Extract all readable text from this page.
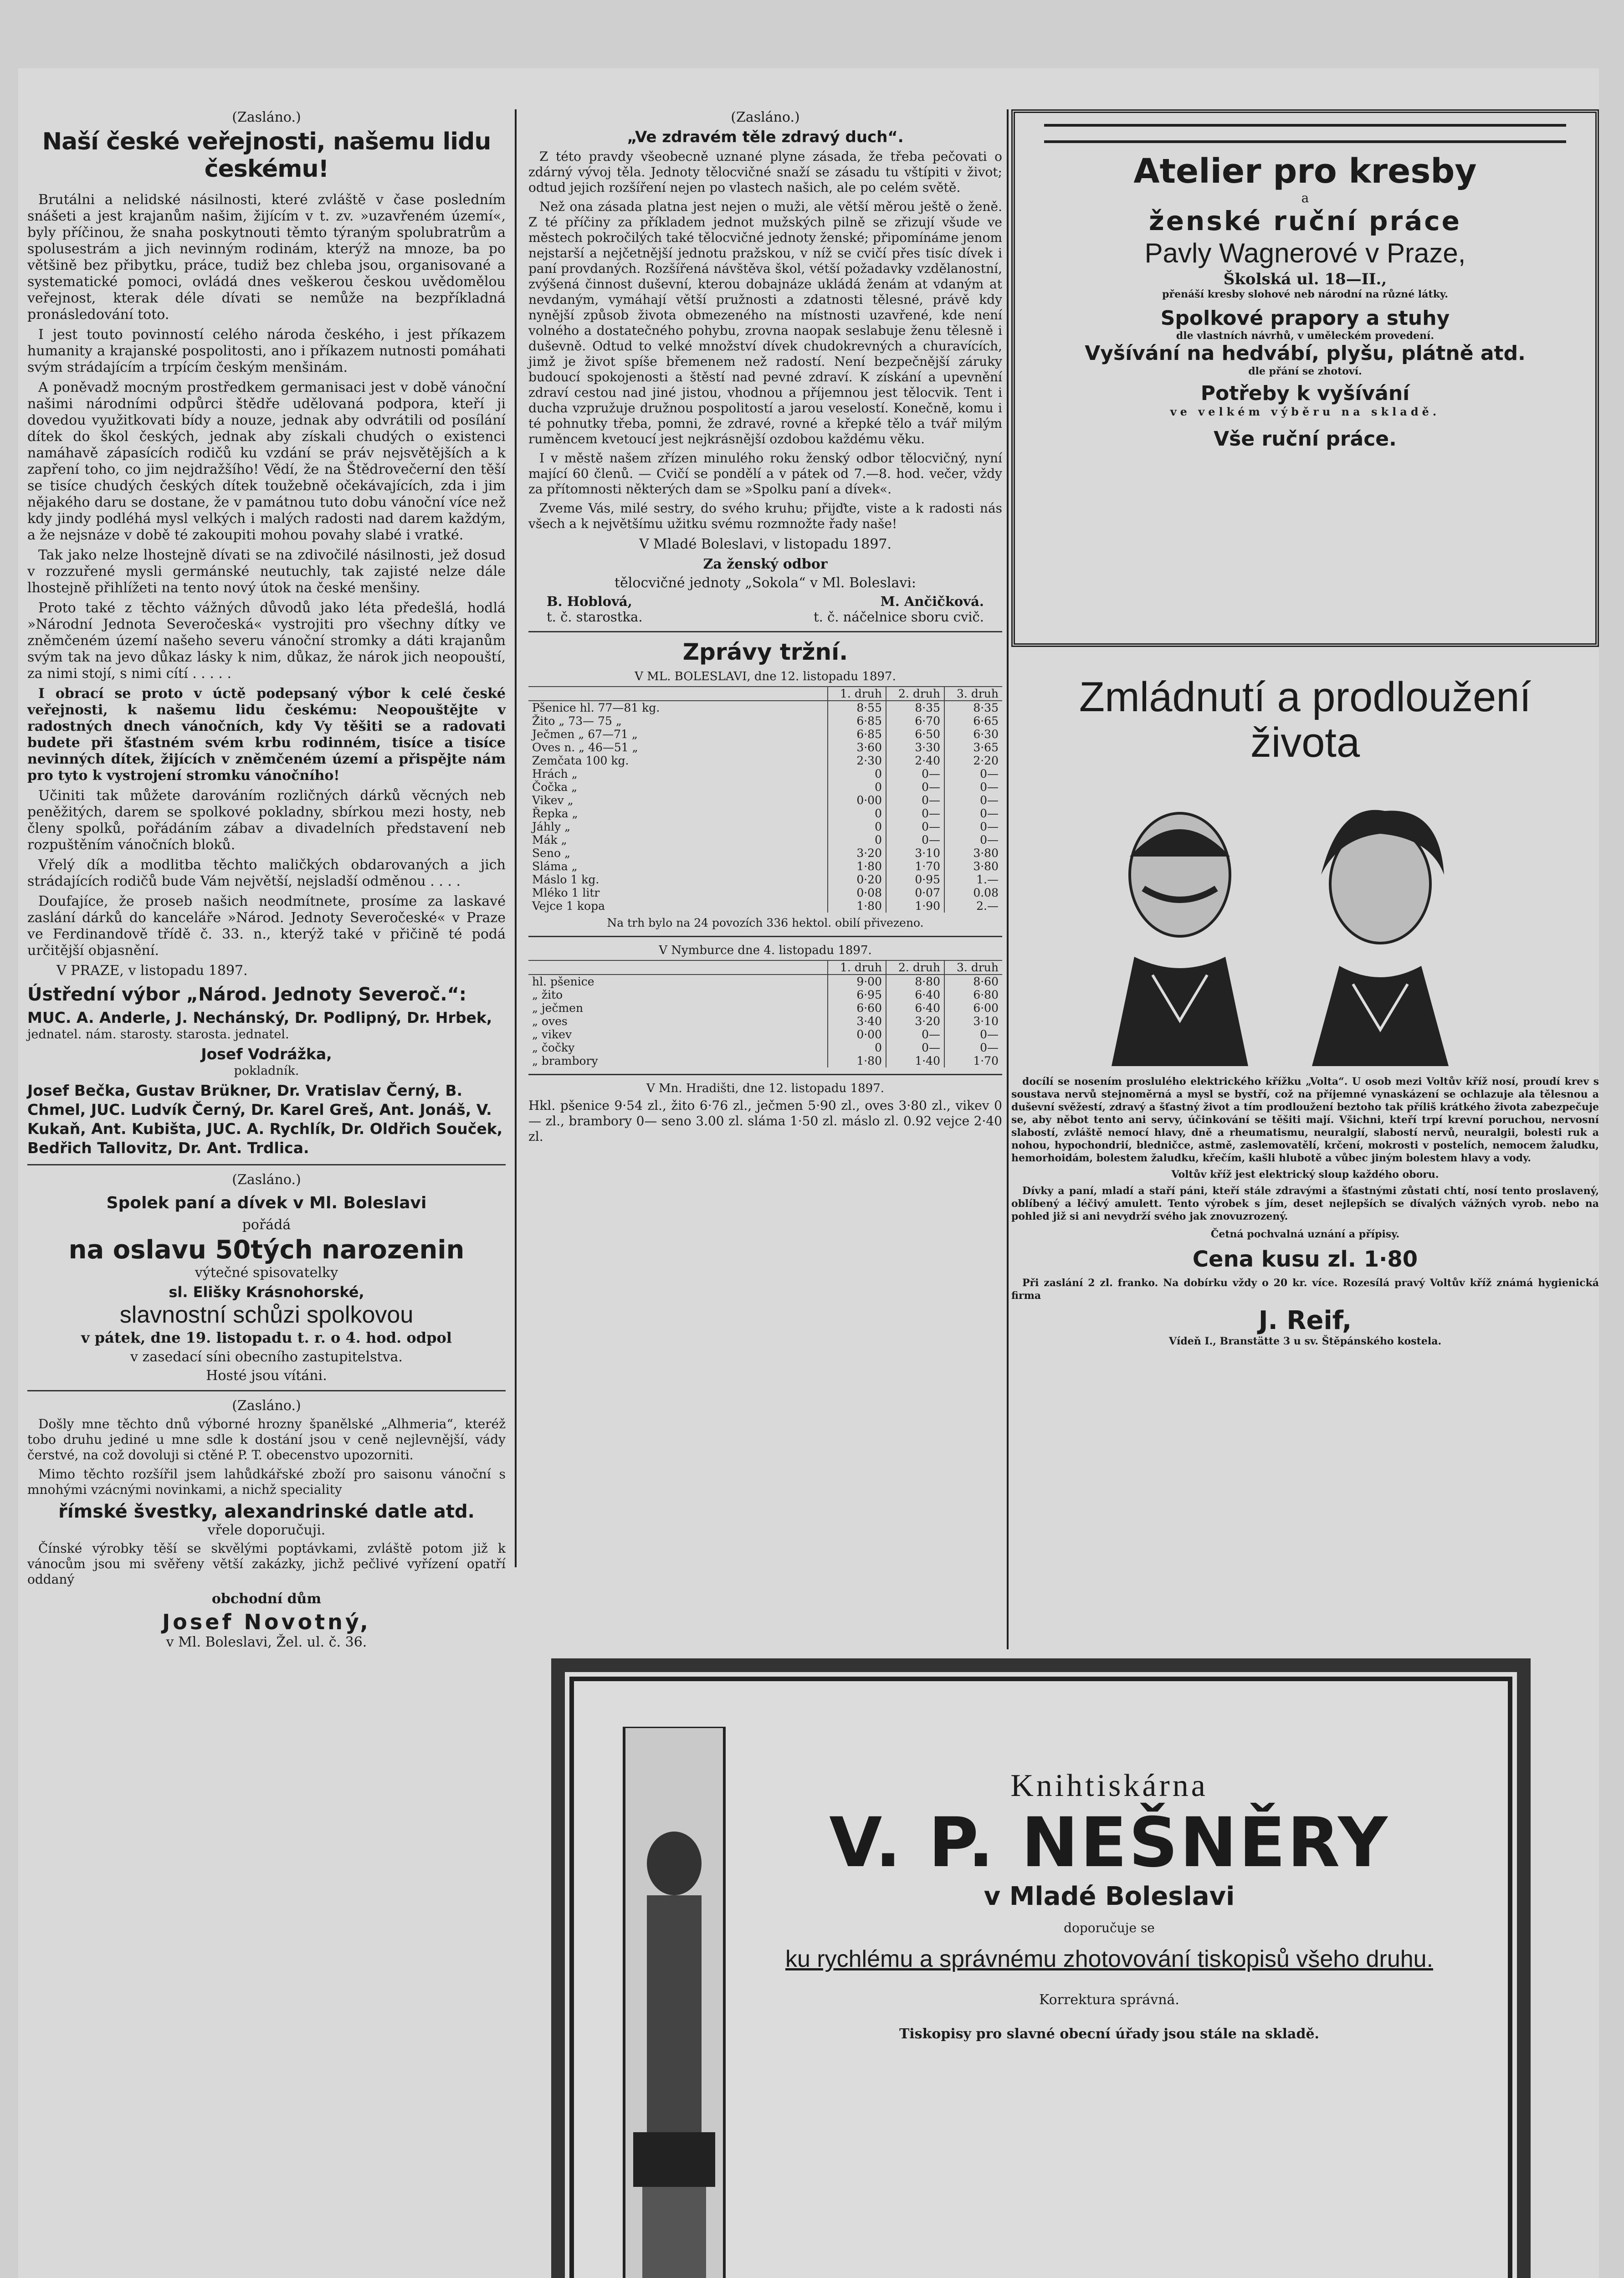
(Zasláno.)
Naší české veřejnosti, našemu lidu českému!

Brutálni a nelidské násilnosti, které zvláště v čase posledním snášeti a jest krajanům našim, žijícím v t. zv. »uzavřeném území«, byly příčinou, že snaha poskytnouti těmto týraným spolubratrům a spolusestrám a jich nevinným rodinám, kterýž na mnoze, ba po většině bez přibytku, práce, tudiž bez chleba jsou, organisované a systematické pomoci, ovládá dnes veškerou českou uvědomělou veřejnost, kterak déle dívati se nemůže na bezpříkladná pronásledování toto.

I jest touto povinností celého národa českého, i jest příkazem humanity a krajanské pospolitosti, ano i příkazem nutnosti pomáhati svým strádajícím a trpícím českým menšinám.

A poněvadž mocným prostředkem germanisaci jest v době vánoční našimi národními odpůrci štědře udělovaná podpora, kteří ji dovedou využitkovati bídy a nouze, jednak aby odvrátili od posílání dítek do škol českých, jednak aby získali chudých o existenci namáhavě zápasících rodičů ku vzdání se práv nejsvětějších a k zapření toho, co jim nejdražšího! Vědí, že na Štědrovečerní den těší se tisíce chudých českých dítek toužebně očekávajících, zda i jim nějakého daru se dostane, že v památnou tuto dobu vánoční více než kdy jindy podléhá mysl velkých i malých radosti nad darem každým, a že nejsnáze v době té zakoupiti mohou povahy slabé i vratké.

Tak jako nelze lhostejně dívati se na zdivočilé násilnosti, jež dosud v rozzuřené mysli germánské neutuchly, tak zajisté nelze dále lhostejně přihlížeti na tento nový útok na české menšiny.

Proto také z těchto vážných důvodů jako léta předešlá, hodlá »Národní Jednota Severočeská« vystrojiti pro všechny dítky ve zněmčeném území našeho severu vánoční stromky a dáti krajanům svým tak na jevo důkaz lásky k nim, důkaz, že nárok jich neopouští, za nimi stojí, s nimi cítí . . . . .

I obrací se proto v úctě podepsaný výbor k celé české veřejnosti, k našemu lidu českému: Neopouštějte v radostných dnech vánočních, kdy Vy těšiti se a radovati budete při šťastném svém krbu rodinném, tisíce a tisíce nevinných dítek, žijících v zněmčeném území a přispějte nám pro tyto k vystrojení stromku vánočního!

Učiniti tak můžete darováním rozličných dárků věcných neb peněžitých, darem se spolkové pokladny, sbírkou mezi hosty, neb členy spolků, pořádáním zábav a divadelních představení neb rozpuštěním vánočních bloků.

Vřelý dík a modlitba těchto maličkých obdarovaných a jich strádajících rodičů bude Vám největší, nejsladší odměnou . . . .

Doufajíce, že proseb našich neodmítnete, prosíme za laskavé zaslání dárků do kanceláře »Národ. Jednoty Severočeské« v Praze ve Ferdinandově třídě č. 33. n., kterýž také v přičině té podá určitější objasnění.

V PRAZE, v listopadu 1897.

Ústřední výbor „Národ. Jednoty Severoč.“:

MUC. A. Anderle, J. Nechánský, Dr. Podlipný, Dr. Hrbek,

jednatel. nám. starosty. starosta. jednatel.

Josef Vodrážka,

pokladník.

Josef Bečka, Gustav Brükner, Dr. Vratislav Černý, B. Chmel, JUC. Ludvík Černý, Dr. Karel Greš, Ant. Jonáš, V. Kukaň, Ant. Kubišta, JUC. A. Rychlík, Dr. Oldřich Souček, Bedřich Tallovitz, Dr. Ant. Trdlica.

(Zasláno.)
Spolek paní a dívek v Ml. Boleslavi
pořádá
na oslavu 50tých narozenin
výtečné spisovatelky
sl. Elišky Krásnohorské,
slavnostní schůzi spolkovou
v pátek, dne 19. listopadu t. r. o 4. hod. odpol
v zasedací síni obecního zastupitelstva.
Hosté jsou vítáni.
(Zasláno.)

Došly mne těchto dnů výborné hrozny španělské „Alhmeria“, kteréž tobo druhu jediné u mne sdle k dostání jsou v ceně nejlevnější, vády čerstvé, na což dovoluji si ctěné P. T. obecenstvo upozorniti.

Mimo těchto rozšířil jsem lahůdkářské zboží pro saisonu vánoční s mnohými vzácnými novinkami, a nichž speciality

římské švestky, alexandrinské datle atd.
vřele doporučuji.

Čínské výrobky těší se skvělými poptávkami, zvláště potom již k vánocům jsou mi svěřeny větší zakázky, jichž pečlivé vyřízení opatří oddaný

obchodní dům
Josef Novotný,
v Ml. Boleslavi, Žel. ul. č. 36.
(Zasláno.)
„Ve zdravém těle zdravý duch“.

Z této pravdy všeobecně uznané plyne zásada, že třeba pečovati o zdárný vývoj těla. Jednoty tělocvičné snaží se zásadu tu vštípiti v život; odtud jejich rozšíření nejen po vlastech našich, ale po celém světě.

Než ona zásada platna jest nejen o muži, ale větší měrou ještě o ženě. Z té příčiny za příkladem jednot mužských pilně se zřizují všude ve městech pokročilých také tělocvičné jednoty ženské; připomínáme jenom nejstarší a nejčetnější jednotu pražskou, v níž se cvičí přes tisíc dívek i paní provdaných. Rozšířená návštěva škol, vétší požadavky vzdělanostní, zvýšená činnost duševní, kterou dobajnáze ukládá ženám at vdaným at nevdaným, vymáhají větší pružnosti a zdatnosti tělesné, právě kdy nynější způsob života obmezeného na místnosti uzavřené, kde není volného a dostatečného pohybu, zrovna naopak seslabuje ženu tělesně i duševně. Odtud to velké množství dívek chudokrevných a churavících, jimž je život spíše břemenem než radostí. Není bezpečnější záruky budoucí spokojenosti a štěstí nad pevné zdraví. K získání a upevnění zdraví cestou nad jiné jistou, vhodnou a příjemnou jest tělocvik. Tent i ducha vzpružuje družnou pospolitostí a jarou veselostí. Konečně, komu i té pohnutky třeba, pomni, že zdravé, rovné a křepké tělo a tvář milým ruměncem kvetoucí jest nejkrásnější ozdobou každému věku.

I v městě našem zřízen minulého roku ženský odbor tělocvičný, nyní mající 60 členů. — Cvičí se pondělí a v pátek od 7.—8. hod. večer, vždy za přítomnosti některých dam se »Spolku paní a dívek«.

Zveme Vás, milé sestry, do svého kruhu; přijďte, viste a k radosti nás všech a k největšímu užitku svému rozmnožte řady naše!

V Mladé Boleslavi, v listopadu 1897.

Za ženský odbor
tělocvičné jednoty „Sokola“ v Ml. Boleslavi:
B. Hoblová,
t. č. starostka.
M. Ančičková.
t. č. náčelnice sboru cvič.
Zprávy tržní.
V ML. BOLESLAVI, dne 12. listopadu 1897.
	1. druh	2. druh	3. druh
Pšenice hl. 77—81 kg.	8·55	8·35	8·35
Žito „ 73— 75 „	6·85	6·70	6·65
Ječmen „ 67—71 „	6·85	6·50	6·30
Oves n. „ 46—51 „	3·60	3·30	3·65
Zemčata 100 kg.	2·30	2·40	2·20
Hrách „	0	0—	0—
Čočka „	0	0—	0—
Vikev „	0·00	0—	0—
Řepka „	0	0—	0—
Jáhly „	0	0—	0—
Mák „	0	0—	0—
Seno „	3·20	3·10	3·80
Sláma „	1·80	1·70	3·80
Máslo 1 kg.	0·20	0·95	1.—
Mléko 1 litr	0·08	0·07	0.08
Vejce 1 kopa	1·80	1·90	2.—
Na trh bylo na 24 povozích 336 hektol. obilí přivezeno.
V Nymburce dne 4. listopadu 1897.
	1. druh	2. druh	3. druh
hl. pšenice	9·00	8·80	8·60
„ žito	6·95	6·40	6·80
„ ječmen	6·60	6·40	6·00
„ oves	3·40	3·20	3·10
„ vikev	0·00	0—	0—
„ čočky	0	0—	0—
„ brambory	1·80	1·40	1·70
V Mn. Hradišti, dne 12. listopadu 1897.

Hkl. pšenice 9·54 zl., žito 6·76 zl., ječmen 5·90 zl., oves 3·80 zl., vikev 0— zl., brambory 0— seno 3.00 zl. sláma 1·50 zl. máslo zl. 0.92 vejce 2·40 zl.

Atelier pro kresby
a
ženské ruční práce
Pavly Wagnerové v Praze,
Školská ul. 18—II.,
přenáší kresby slohové neb národní na různé látky.
Spolkové prapory a stuhy
dle vlastních návrhů, v uměleckém provedení.
Vyšívání na hedvábí, plyšu, plátně atd.
dle přání se zhotoví.
Potřeby k vyšívání
ve velkém výběru na skladě.
Vše ruční práce.
Zmládnutí a prodloužení života

docílí se nosením proslulého elektrického křížku „Volta“. U osob mezi Voltův kříž nosí, proudí krev s soustava nervů stejnoměrná a mysl se bystří, což na příjemné vynaskázení se ochlazuje ala tělesnou a duševní svěžestí, zdravý a šťastný život a tím prodloužení beztoho tak příliš krátkého života zabezpečuje se, aby něbot tento ani servy, účinkování se těšiti mají. Všichni, kteří trpí krevní poruchou, nervosní slabostí, zvláště nemocí hlavy, dně a rheumatismu, neuralgií, slabostí nervů, neuralgii, bolesti ruk a nohou, hypochondrií, bledničce, astmě, zaslemovatělí, krčení, mokrosti v postelích, nemocem žaludku, hemorhoidám, bolestem žaludku, křečím, kašli hlubotě a vůbec jiným bolestem hlavy a vody.

Voltův kříž jest elektrický sloup každého oboru.

Dívky a paní, mladí a staří páni, kteří stále zdravými a šťastnými zůstati chtí, nosí tento proslavený, oblíbený a léčivý amulett. Tento výrobek s jím, deset nejlepších se dívalých vážných vyrob. nebo na pohled již si ani nevydrží svého jak znovuzrozený.

Četná pochvalná uznání a přípisy.

Cena kusu zl. 1·80

Při zaslání 2 zl. franko. Na dobírku vždy o 20 kr. více. Rozesílá pravý Voltův kříž známá hygienická firma

J. Reif,
Vídeň I., Branstätte 3 u sv. Štěpánského kostela.
Knihtiskárna
V. P. NEŠNĚRY
v Mladé Boleslavi
doporučuje se
ku rychlému a správnému zhotovování tiskopisů všeho druhu.
Korrektura správná.
Tiskopisy pro slavné obecní úřady jsou stále na skladě.
